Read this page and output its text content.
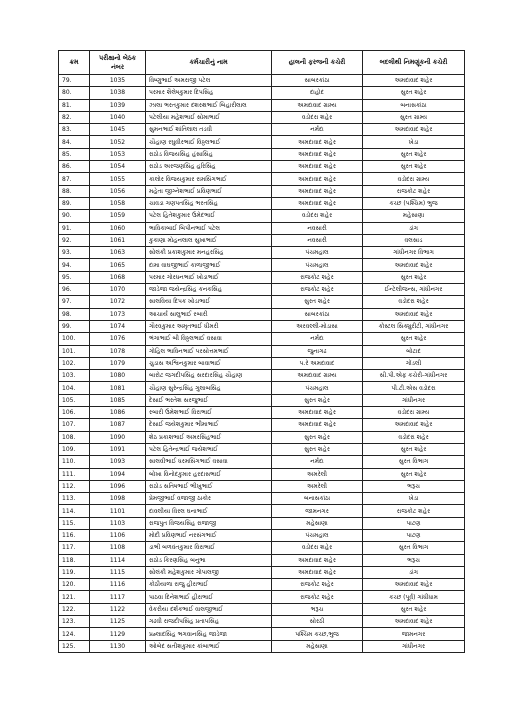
ક્રમ	પરીક્ષાનો બેઠક નંબર	કર્મચારીનું નામ	હાલની ફરજની કચેરી	બદલીથી નિમણૂંકની કચેરી
79.	1035	વિષ્ણુભાઈ અમરાજી પટેલ	સાબરકાંઠા	અમદાવાદ શહેર
80.	1038	પરમાર શૈલેષકુમાર દિપસિંહ	દાહોદ	સુરત શહેર
81.	1039	ઝાલા ભરતકુમાર દશરથભાઈ બિહારીલાલ	અમદાવાદ ગ્રામ્ય	બનાસકાંઠા
82.	1040	પટેલીયા મહેશભાઈ સોમાભાઈ	વડોદરા શહેર	સુરત ગ્રામ્ય
83.	1045	સુમનભાઈ શાંતિલાલ તડવી	નર્મદા	અમદાવાદ શહેર
84.	1052	ચૌહાણ રઘુવીરભાઈ વિઠ્ઠલભાઈ	અમદાવાદ શહેર	ખેડા
85.	1053	રાઠોડ વિજયસિંહ હંસાસિંહ	અમદાવાદ શહેર	સુરત શહેર
86.	1054	રાઠોડ અરજણસિંહ હરિસિંહ	અમદાવાદ શહેર	સુરત શહેર
87.	1055	કાલોર વિજયકુમાર રામસિંગભાઈ	અમદાવાદ શહેર	વડોદરા ગ્રામ્ય
88.	1056	મહેતા જીગ્નેશભાઈ પ્રવિણભાઈ	અમદાવાદ શહેર	રાજકોટ શહેર
89.	1058	ચાવડા ગણપતસિંહ ભરતસિંહ	અમદાવાદ શહેર	કચ્છ (પશ્ચિમ) ભુજ
90.	1059	પટેલ હિતેશકુમાર ઉમેદભાઈ	વડોદરા શહેર	મહેસાણા
91.	1060	ભાવિકાબાઈ બિપીનભાઈ પટેલ	નવસારી	ડાંગ
92.	1061	કુકાણા મોહનલાલ સુખાભાઈ	નવસારી	વલસાડ
93.	1063	સોલંકી પ્રકાશકુમાર મનહરસિંહ	પંચમહાલ	ગાંધીનગર વિભાગ
94.	1065	દામા વાઘજીભાઈ કાળાજીભાઈ	પંચમહાલ	અમદાવાદ શહેર
95.	1068	પરમાર ગોરધનભાઈ ખોડાભાઈ	રાજકોટ શહેર	સુરત શહેર
96.	1070	જાડેજા જયેન્દ્રસિંહ કનકસિંહ	રાજકોટ શહેર	ઈન્ટેલીજન્સ, ગાંધીનગર
97.	1072	સાલવિયા દિપક ખોડાભાઈ	સુરત શહેર	વડોદરા શહેર
98.	1073	આચાર્ય સાલુભાઈ રબારી	સાબરકાંઠા	અમદાવાદ શહેર
99.	1074	ગૌરવકુમાર અમૃતભાઈ ધીમરી	અરવલ્લી-મોડાસા	કોસ્ટલ સિક્યુરીટી, ગાંધીનગર
100.	1076	ભંગાભાઈ બી વિઠ્ઠલભાઈ વસાવા	નર્મદા	સુરત શહેર
101.	1078	ગોહિલ ભાવિનભાઈ પરસોત્તમભાઈ	જુનાગઢ	બોટાદ
102.	1079	ચુડાસ અશ્વિનકુમાર બાવાભાઈ	પ.રે અમદાવાદ	ગોંડલી
103.	1080	બારોટ જગદીપસિંહ સરદારસિંહ ચૌહાણ	અમદાવાદ ગ્રામ્ય	સી.પી.એફ કચેરી-ગાંધીનગર
104.	1081	ચૌહાણ સુરેન્દ્રસિંહ ગુલાબસિંહ	પંચમહાલ	પી.ટી.એસ વડોદરા
105.	1085	દેસાઈ ભરતેશ સરજુભાઈ	સુરત શહેર	ગાંધીનગર
106.	1086	રબારી ઉમેશભાઈ વિરાભાઈ	અમદાવાદ શહેર	વડોદરા ગ્રામ્ય
107.	1087	દેસાઈ જયેશકુમાર ભીમાભાઈ	અમદાવાદ શહેર	અમદાવાદ શહેર
108.	1090	શેઠ પ્રકાશભાઈ અમરસિંહભાઈ	સુરત શહેર	વડોદરા શહેર
109.	1091	પટેલ હિતેન્દ્રભાઈ જયેશભાઈ	સુરત શહેર	સુરત શહેર
110.	1093	સાલવીભાઈ ધરમસિંગભાઈ વસાવા	નર્મદા	સુરત વિભાગ
111.	1094	બોખા વિનોદકુમાર હરદાસભાઈ	અમરેલી	સુરત શહેર
112.	1096	રાઠોડ સતિષભાઈ ભીખુભાઈ	અમરેલી	ભરૂચ
113.	1098	પ્રેમજીભાઈ વજાજી ઠાકોર	બનાસકાંઠા	ખેડા
114.	1101	દાવલીયા વિરલ ઘનાભાઈ	જામનગર	રાજકોટ શહેર
115.	1103	રાજપુત વિજયસિંહ રાજાજી	મહેસાણા	પાટણ
116.	1106	મોદી પ્રવિણભાઈ નરસંગભાઈ	પંચમહાલ	પાટણ
117.	1108	ડાભી બળવંતકુમાર વિરાભાઈ	વડોદરા શહેર	સુરત વિભાગ
118.	1114	રાઠોડ કિરણસિંહ બનુભા	અમદાવાદ શહેર	ભરૂચ
119.	1115	સોલંકી મહેશકુમાર ગોપાલજી	અમદાવાદ શહેર	ડાંગ
120.	1116	કોઠીયાળા રાજુ હીરાભાઈ	રાજકોટ શહેર	અમદાવાદ શહેર
121.	1117	પાઠવા દિનેશભાઈ હીરાભાઈ	રાજકોટ શહેર	કચ્છ (પૂર્વ) ગાંધીધામ
122.	1122	વેકરીયા દર્શકભાઈ વાલજીભાઈ	ભરૂચ	સુરત શહેર
123.	1125	ગઢવી રાજદીપસિંહ પ્રતાપસિંહ	સોરઠી	અમદાવાદ શહેર
124.	1129	પ્રહ્લાદસિંહ ભગવાનસિંહ જાડેજા	પશ્ચિમ કચ્છ,ભુજ	જામનગર
125.	1130	ઓબેદ સતીશકુમાર કાંબાભાઈ	મહેસાણા	ગાંધીનગર
